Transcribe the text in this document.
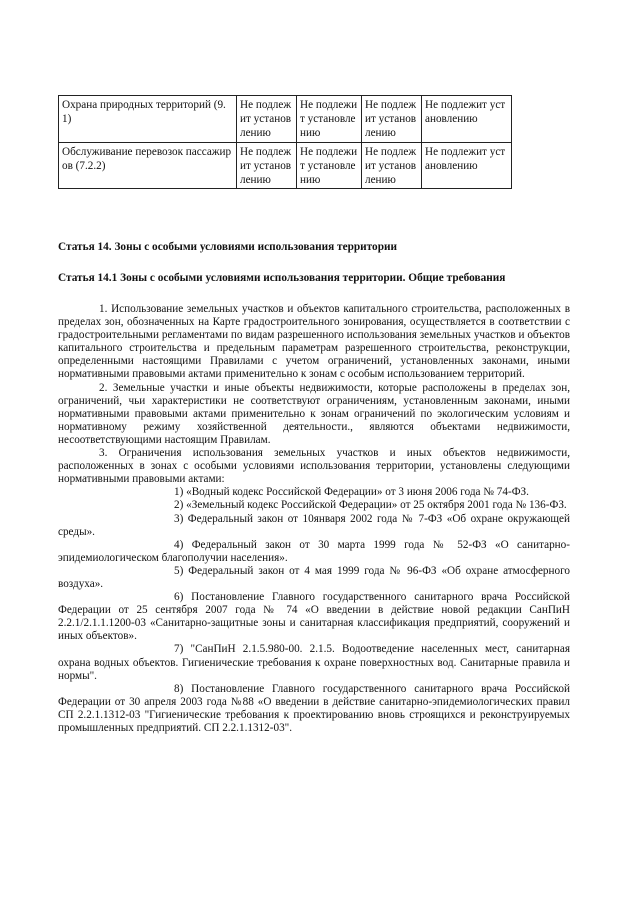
Охрана природных территорий (9.1)	Не подлежит установлению	Не подлежит установлению	Не подлежит установлению	Не подлежит установлению
Обслуживание перевозок пассажиров (7.2.2)	Не подлежит установлению	Не подлежит установлению	Не подлежит установлению	Не подлежит установлению
Статья 14. Зоны с особыми условиями использования территории
Статья 14.1 Зоны с особыми условиями использования территории. Общие требования

1. Использование земельных участков и объектов капитального строительства, расположенных в пределах зон, обозначенных на Карте градостроительного зонирования, осуществляется в соответствии с градостроительными регламентами по видам разрешенного использования земельных участков и объектов капитального строительства и предельным параметрам разрешенного строительства, реконструкции, определенными настоящими Правилами с учетом ограничений, установленных законами, иными нормативными правовыми актами применительно к зонам с особым использованием территорий.

2. Земельные участки и иные объекты недвижимости, которые расположены в пределах зон, ограничений, чьи характеристики не соответствуют ограничениям, установленным законами, иными нормативными правовыми актами применительно к зонам ограничений по экологическим условиям и нормативному режиму хозяйственной деятельности., являются объектами недвижимости, несоответствующими настоящим Правилам.

3. Ограничения использования земельных участков и иных объектов недвижимости, расположенных в зонах с особыми условиями использования территории, установлены следующими нормативными правовыми актами:

1) «Водный кодекс Российской Федерации» от 3 июня 2006 года № 74-ФЗ.

2) «Земельный кодекс Российской Федерации» от 25 октября 2001 года № 136-ФЗ.

3) Федеральный закон от 10января 2002 года № 7-ФЗ «Об охране окружающей среды».

4) Федеральный закон от 30 марта 1999 года № 52-ФЗ «О санитарно-эпидемиологическом благополучии населения».

5) Федеральный закон от 4 мая 1999 года № 96-ФЗ «Об охране атмосферного воздуха».

6) Постановление Главного государственного санитарного врача Российской Федерации от 25 сентября 2007 года № 74 «О введении в действие новой редакции СанПиН 2.2.1/2.1.1.1200-03 «Санитарно-защитные зоны и санитарная классификация предприятий, сооружений и иных объектов».

7) "СанПиН 2.1.5.980-00. 2.1.5. Водоотведение населенных мест, санитарная охрана водных объектов. Гигиенические требования к охране поверхностных вод. Санитарные правила и нормы".

8) Постановление Главного государственного санитарного врача Российской Федерации от 30 апреля 2003 года №88 «О введении в действие санитарно-эпидемиологических правил СП 2.2.1.1312-03 "Гигиенические требования к проектированию вновь строящихся и реконструируемых промышленных предприятий. СП 2.2.1.1312-03".
